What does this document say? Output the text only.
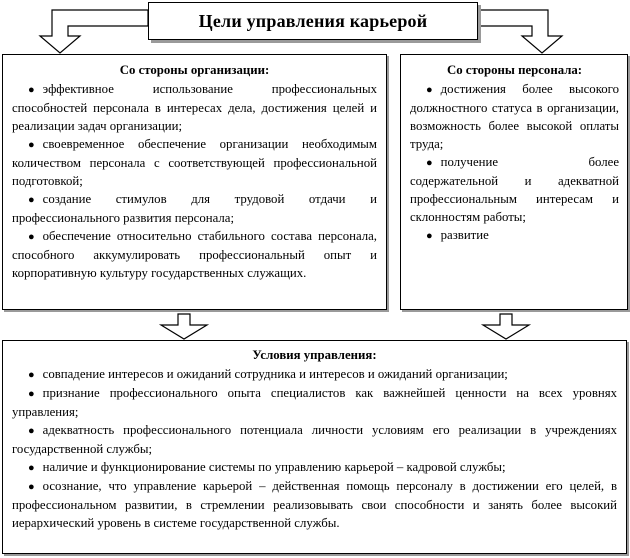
Цели управления карьерой
Со стороны организации:
● эффективное использование профессиональных способностей персонала в интересах дела, достижения целей и реализации задач организации;
● своевременное обеспечение организации необходимым количеством персонала с соответствующей профессиональной подготовкой;
● создание стимулов для трудовой отдачи и профессионального развития персонала;
● обеспечение относительно стабильного состава персонала, способного аккумулировать профессиональный опыт и корпоративную культуру государственных служащих.
Со стороны персонала:
● достижения более высокого должностного статуса в организации, возможность более высокой оплаты труда;
● получение более содержательной и адекватной профессиональным интересам и склонностям работы;
● развитие
Условия управления:
● совпадение интересов и ожиданий сотрудника и интересов и ожиданий организации;
● признание профессионального опыта специалистов как важнейшей ценности на всех уровнях управления;
● адекватность профессионального потенциала личности условиям его реализации в учреждениях государственной службы;
● наличие и функционирование системы по управлению карьерой – кадровой службы;
● осознание, что управление карьерой – действенная помощь персоналу в достижении его целей, в профессиональном развитии, в стремлении реализовывать свои способности и занять более высокий иерархический уровень в системе государственной службы.
